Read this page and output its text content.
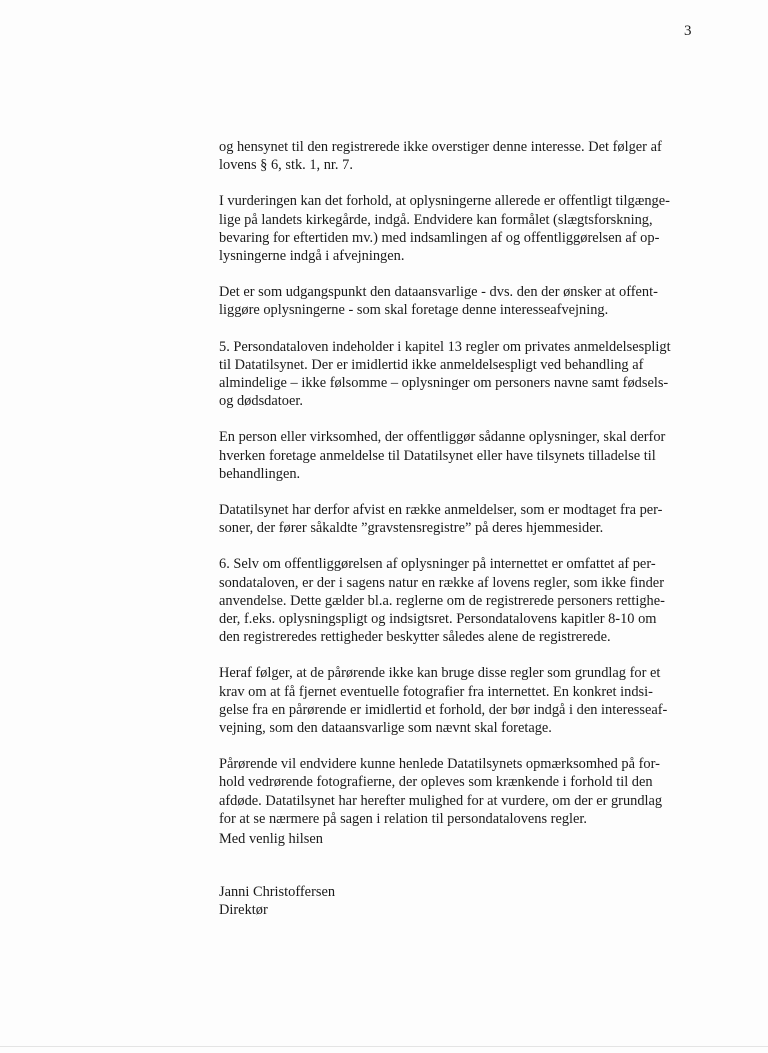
3

og hensynet til den registrerede ikke overstiger denne interesse. Det følger af
lovens § 6, stk. 1, nr. 7.

I vurderingen kan det forhold, at oplysningerne allerede er offentligt tilgænge-
lige på landets kirkegårde, indgå. Endvidere kan formålet (slægtsforskning,
bevaring for eftertiden mv.) med indsamlingen af og offentliggørelsen af op-
lysningerne indgå i afvejningen.

Det er som udgangspunkt den dataansvarlige - dvs. den der ønsker at offent-
liggøre oplysningerne - som skal foretage denne interesseafvejning.

5. Persondataloven indeholder i kapitel 13 regler om privates anmeldelsespligt
til Datatilsynet. Der er imidlertid ikke anmeldelsespligt ved behandling af
almindelige – ikke følsomme – oplysninger om personers navne samt fødsels-
og dødsdatoer.

En person eller virksomhed, der offentliggør sådanne oplysninger, skal derfor
hverken foretage anmeldelse til Datatilsynet eller have tilsynets tilladelse til
behandlingen.

Datatilsynet har derfor afvist en række anmeldelser, som er modtaget fra per-
soner, der fører såkaldte ”gravstensregistre” på deres hjemmesider.

6. Selv om offentliggørelsen af oplysninger på internettet er omfattet af per-
sondataloven, er der i sagens natur en række af lovens regler, som ikke finder
anvendelse. Dette gælder bl.a. reglerne om de registrerede personers rettighe-
der, f.eks. oplysningspligt og indsigtsret. Persondatalovens kapitler 8-10 om
den registreredes rettigheder beskytter således alene de registrerede.

Heraf følger, at de pårørende ikke kan bruge disse regler som grundlag for et
krav om at få fjernet eventuelle fotografier fra internettet. En konkret indsi-
gelse fra en pårørende er imidlertid et forhold, der bør indgå i den interesseaf-
vejning, som den dataansvarlige som nævnt skal foretage.

Pårørende vil endvidere kunne henlede Datatilsynets opmærksomhed på for-
hold vedrørende fotografierne, der opleves som krænkende i forhold til den
afdøde. Datatilsynet har herefter mulighed for at vurdere, om der er grundlag
for at se nærmere på sagen i relation til persondatalovens regler.

Med venlig hilsen
Janni Christoffersen
Direktør
